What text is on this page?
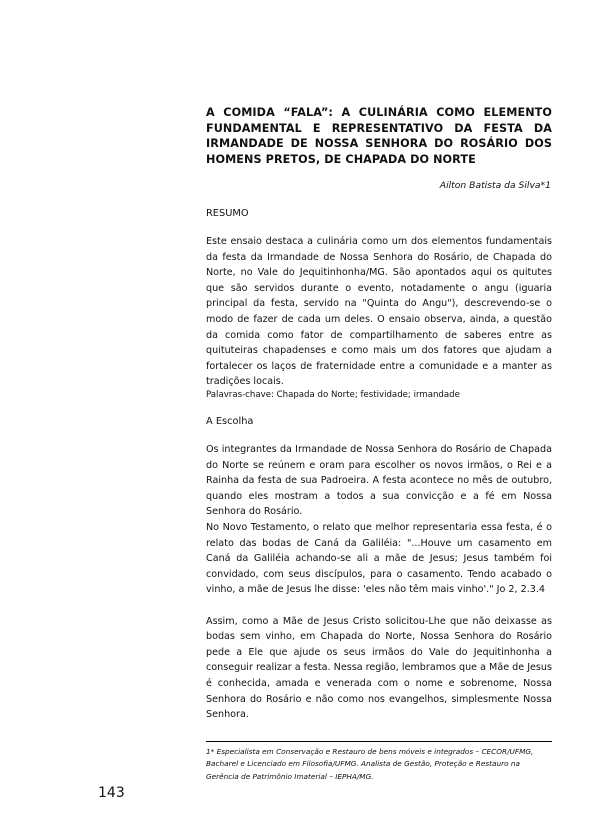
A COMIDA “FALA”: A CULINÁRIA COMO ELEMENTO FUNDAMENTAL E REPRESENTATIVO DA FESTA DA IRMANDADE DE NOSSA SENHORA DO ROSÁRIO DOS HOMENS PRETOS, DE CHAPADA DO NORTE
Ailton Batista da Silva*1
RESUMO
Este ensaio destaca a culinária como um dos elementos fundamentais da festa da Irmandade de Nossa Senhora do Rosário, de Chapada do Norte, no Vale do Jequitinhonha/MG. São apontados aqui os quitutes que são servidos durante o evento, notadamente o angu (iguaria principal da festa, servido na "Quinta do Angu"), descrevendo-se o modo de fazer de cada um deles. O ensaio observa, ainda, a questão da comida como fator de compartilhamento de saberes entre as quituteiras chapadenses e como mais um dos fatores que ajudam a fortalecer os laços de fraternidade entre a comunidade e a manter as tradições locais.
Palavras-chave: Chapada do Norte; festividade; irmandade
A Escolha

Os integrantes da Irmandade de Nossa Senhora do Rosário de Chapada do Norte se reúnem e oram para escolher os novos irmãos, o Rei e a Rainha da festa de sua Padroeira. A festa acontece no mês de outubro, quando eles mostram a todos a sua convicção e a fé em Nossa Senhora do Rosário.

No Novo Testamento, o relato que melhor representaria essa festa, é o relato das bodas de Caná da Galiléia: "...Houve um casamento em Caná da Galiléia achando-se ali a mãe de Jesus; Jesus também foi convidado, com seus discípulos, para o casamento. Tendo acabado o vinho, a mãe de Jesus lhe disse: 'eles não têm mais vinho'." Jo 2, 2.3.4

Assim, como a Mãe de Jesus Cristo solicitou-Lhe que não deixasse as bodas sem vinho, em Chapada do Norte, Nossa Senhora do Rosário pede a Ele que ajude os seus irmãos do Vale do Jequitinhonha a conseguir realizar a festa. Nessa região, lembramos que a Mãe de Jesus é conhecida, amada e venerada com o nome e sobrenome, Nossa Senhora do Rosário e não como nos evangelhos, simplesmente Nossa Senhora.

1* Especialista em Conservação e Restauro de bens móveis e integrados – CECOR/UFMG, Bacharel e Licenciado em Filosofia/UFMG. Analista de Gestão, Proteção e Restauro na Gerência de Patrimônio Imaterial – IEPHA/MG.
143
